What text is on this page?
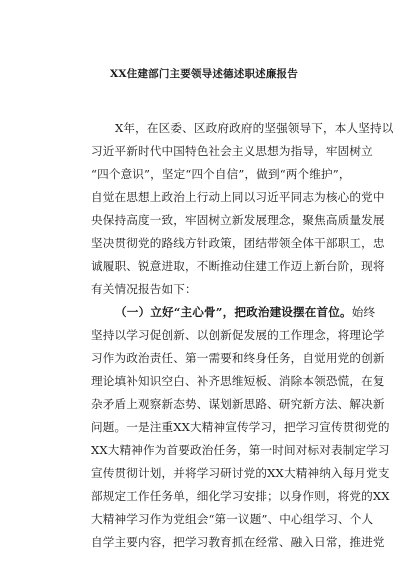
XX住建部门主要领导述德述职述廉报告
X年，在区委、区政府政府的坚强领导下，本人坚持以
习近平新时代中国特色社会主义思想为指导，牢固树立
“四个意识”，坚定“四个自信”，做到“两个维护”，
自觉在思想上政治上行动上同以习近平同志为核心的党中
央保持高度一致，牢固树立新发展理念，聚焦高质量发展
坚决贯彻党的路线方针政策，团结带领全体干部职工，忠
诚履职、锐意进取，不断推动住建工作迈上新台阶，现将
有关情况报告如下：
（一）立好“主心骨”，把政治建设摆在首位。始终
坚持以学习促创新、以创新促发展的工作理念，将理论学
习作为政治责任、第一需要和终身任务，自觉用党的创新
理论填补知识空白、补齐思维短板、消除本领恐慌，在复
杂矛盾上观察新态势、谋划新思路、研究新方法、解决新
问题。一是注重XX大精神宣传学习，把学习宣传贯彻党的
XX大精神作为首要政治任务，第一时间对标对表制定学习
宣传贯彻计划，并将学习研讨党的XX大精神纳入每月党支
部规定工作任务单，细化学习安排；以身作则，将党的XX
大精神学习作为党组会“第一议题”、中心组学习、个人
自学主要内容，把学习教育抓在经常、融入日常，推进党
